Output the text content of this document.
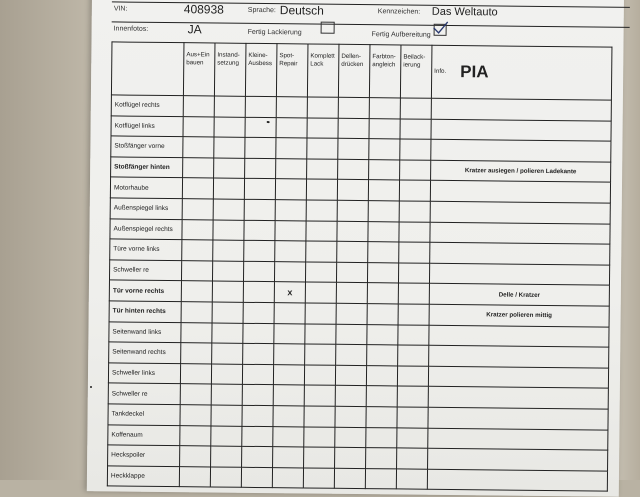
VIN:	408938	Sprache: Deutsch	Kennzeichen: Das Weltauto
Innenfotos:	JA	Fertig Lackierung	Fertig Aufbereitung
	Aus+Ein bauen	Instand-setzung	Kleine-Ausbess	Spot-Repair	Komplett Lack	Dellen-drücken	Farbton-angleich	Beilack-ierung	Info. PIA

Kotflügel rechts									
Kotflügel links									
Stoßfänger vorne									
Stoßfänger hinten									Kratzer ausiegen / polieren Ladekante
Motorhaube									
Außenspiegel links									
Außenspiegel rechts									
Türe vorne links									
Schweller re									
Tür vorne rechts				x					Delle / Kratzer
Tür hinten rechts									Kratzer polieren mittig
Seitenwand links									
Seitenwand rechts									
Schweller links									
Schweller re									
Tankdeckel									
Koffenaum									
Heckspoiler									
Heckklappe									
